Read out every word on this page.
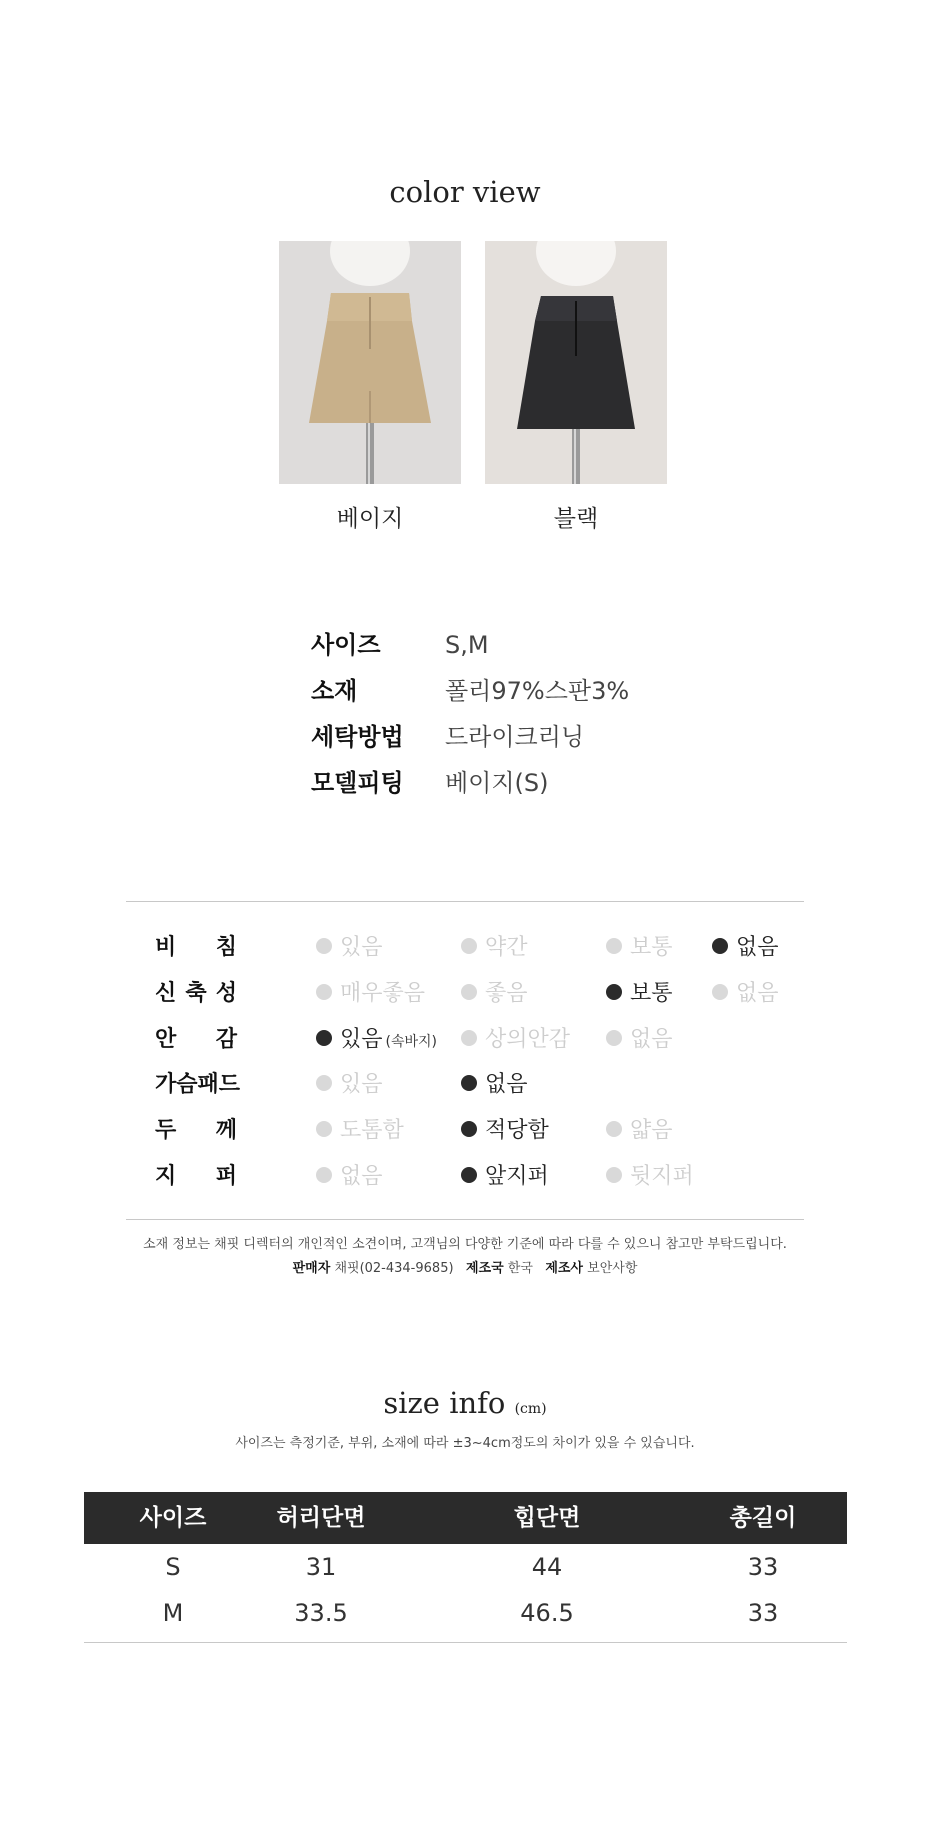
color view
베이지	블랙
사이즈	S,M
소재	폴리97%스판3%
세탁방법	드라이크리닝
모델피팅	베이지(S)
비 침	있음	약간	보통	없음
신 축 성	매우좋음	좋음	보통	없음
안 감	있음 (속바지)	상의안감	없음
가슴패드	있음	없음
두 께	도톰함	적당함	얇음
지 퍼	없음	앞지퍼	뒷지퍼
소재 정보는 채핏 디렉터의 개인적인 소견이며, 고객님의 다양한 기준에 따라 다를 수 있으니 참고만 부탁드립니다.
판매자 채핏(02-434-9685) 제조국 한국 제조사 보안사항
size info (cm)
사이즈는 측정기준, 부위, 소재에 따라 ±3~4cm정도의 차이가 있을 수 있습니다.
사이즈	허리단면	힙단면	총길이
S	31	44	33
M	33.5	46.5	33
